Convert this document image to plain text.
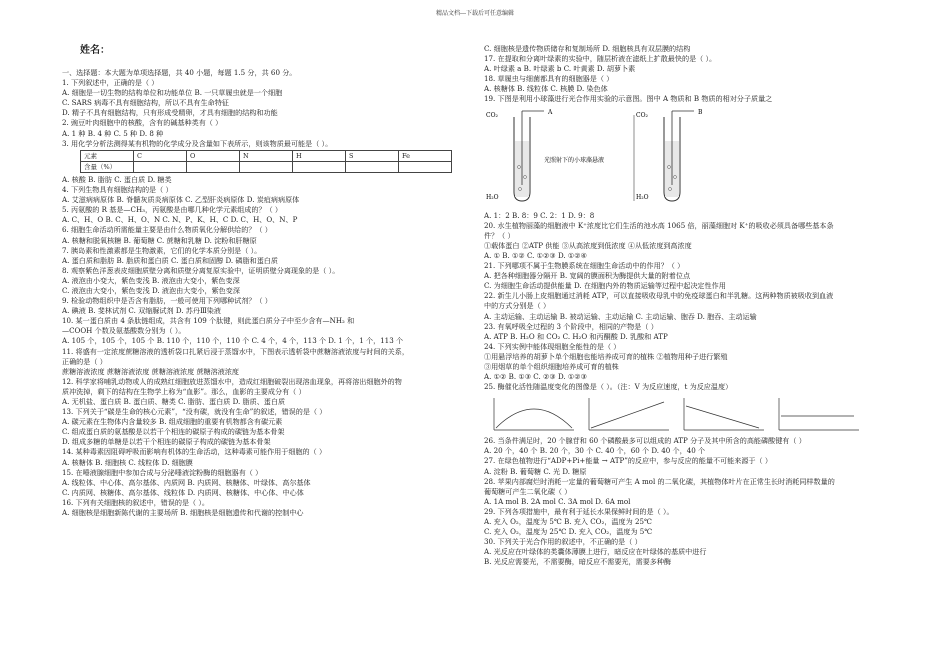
精品文档---下载后可任意编辑
姓名：
一、选择题：本大题为单项选择题，共 40 小题，每题 1.5 分，共 60 分。
1. 下列叙述中，正确的是（ ）
A. 细胞是一切生物的结构单位和功能单位 B. 一只草履虫就是一个细胞
C. SARS 病毒不具有细胞结构，所以不具有生命特征
D. 精子不具有细胞结构，只有形成受精卵，才具有细胞的结构和功能
2. 豌豆叶肉细胞中的核酸，含有的碱基种类有（ ）
A. 1 种 B. 4 种 C. 5 种 D. 8 种
3. 用化学分析法测得某有机物的化学成分及含量如下表所示，则该物质最可能是（ ）。
元素	C	O	N	H	S	Fe
含量（%）						
A. 核酸 B. 脂肪 C. 蛋白质 D. 糖类
4. 下列生物具有细胞结构的是（ ）
A. 艾滋病病原体 B. 脊髓灰质炎病原体 C. 乙型肝炎病原体 D. 炭疽病病原体
5. 丙氨酸的 R 基是—CH₃，丙氨酸是由哪几种化学元素组成的？（ ）
A. C、H、O B. C、H、O、N C. N、P、K、H、C D. C、H、O、N、P
6. 细胞生命活动所需能量主要是由什么物质氧化分解供给的？（ ）
A. 核糖和脱氧核糖 B. 葡萄糖 C. 蔗糖和乳糖 D. 淀粉和肝糖原
7. 胰岛素和性激素都是生物激素，它们的化学本质分别是（ ）。
A. 蛋白质和脂肪 B. 脂质和蛋白质 C. 蛋白质和固醇 D. 磷脂和蛋白质
8. 观察紫色洋葱表皮细胞质壁分离和质壁分离复原实验中，证明质壁分离现象的是（ ）。
A. 液泡由小变大，紫色变浅 B. 液泡由大变小，紫色变深
C. 液泡由大变小，紫色变浅 D. 液泡由大变小，紫色变深
9. 检验动物组织中是否含有脂肪，一般可使用下列哪种试剂？（ ）
A. 碘液 B. 斐林试剂 C. 双缩脲试剂 D. 苏丹Ⅲ染液
10. 某一蛋白质由 4 条肽链组成，共含有 109 个肽键，则此蛋白质分子中至少含有—NH₂ 和
—COOH 个数及氨基酸数分别为（ ）。
A. 105 个，105 个，105 个 B. 110 个，110 个，110 个 C. 4 个，4 个，113 个 D. 1 个，1 个，113 个
11. 将盛有一定浓度蔗糖溶液的透析袋口扎紧后浸于蒸馏水中，下图表示透析袋中蔗糖溶液浓度与时间的关系，
正确的是（ ）
蔗糖溶液浓度 蔗糖溶液浓度 蔗糖溶液浓度 蔗糖溶液浓度
12. 科学家将哺乳动物或人的成熟红细胞放进蒸馏水中，造成红细胞破裂出现溶血现象，再将溶出细胞外的物
质冲洗掉，剩下的结构在生物学上称为“血影”。那么，血影的主要成分有（ ）
A. 无机盐、蛋白质 B. 蛋白质、糖类 C. 脂肪、蛋白质 D. 脂质、蛋白质
13. 下列关于“碳是生命的核心元素”，“没有碳，就没有生命”的叙述，错误的是（ ）
A. 碳元素在生物体内含量较多 B. 组成细胞的重要有机物都含有碳元素
C. 组成蛋白质的氨基酸是以若干个相连的碳原子构成的碳链为基本骨架
D. 组成多糖的单糖是以若干个相连的碳原子构成的碳链为基本骨架
14. 某种毒素因阻碍呼吸而影响有机体的生命活动，这种毒素可能作用于细胞的（ ）
A. 核糖体 B. 细胞核 C. 线粒体 D. 细胞膜
15. 在唾液腺细胞中参加合成与分泌唾液淀粉酶的细胞器有（ ）
A. 线粒体、中心体、高尔基体、内质网 B. 内质网、核糖体、叶绿体、高尔基体
C. 内质网、核糖体、高尔基体、线粒体 D. 内质网、核糖体、中心体、中心体
16. 下列有关细胞核的叙述中，错误的是（ ）。
A. 细胞核是细胞新陈代谢的主要场所 B. 细胞核是细胞遗传和代谢的控制中心
C. 细胞核是遗传物质储存和复制场所 D. 细胞核具有双层膜的结构
17. 在提取和分离叶绿素的实验中，随层析液在滤纸上扩散最快的是（ ）。
A. 叶绿素 a B. 叶绿素 b C. 叶黄素 D. 胡萝卜素
18. 草履虫与细菌都具有的细胞器是（ ）
A. 核糖体 B. 线粒体 C. 核膜 D. 染色体
19. 下图是利用小球藻进行光合作用实验的示意图。图中 A 物质和 B 物质的相对分子质量之
CO₂	A
H₂O
CO₂	B
H₂O
光照射下的小球藻悬液
A. 1：2 B. 8：9 C. 2：1 D. 9：8
20. 水生植物丽藻的细胞液中 K⁺浓度比它们生活的池水高 1065 倍，丽藻细胞对 K⁺的吸收必须具备哪些基本条
件？（ ）
①载体蛋白 ②ATP 供能 ③从高浓度到低浓度 ④从低浓度到高浓度
A. ① B. ①② C. ①②③ D. ①②④
21. 下列哪项不属于生物膜系统在细胞生命活动中的作用？（ ）
A. 把各种细胞器分隔开 B. 宽阔的膜面积为酶提供大量的附着位点
C. 为细胞生命活动提供能量 D. 在细胞内外的物质运输等过程中起决定性作用
22. 新生儿小肠上皮细胞通过消耗 ATP，可以直接吸收母乳中的免疫球蛋白和半乳糖。这两种物质被吸收到血液
中的方式分别是（ ）
A. 主动运输、主动运输 B. 被动运输、主动运输 C. 主动运输、胞吞 D. 胞吞、主动运输
23. 有氧呼吸全过程的 3 个阶段中，相同的产物是（ ）
A. ATP B. H₂O 和 CO₂ C. H₂O 和丙酮酸 D. 乳酸和 ATP
24. 下列实例中能体现细胞全能性的是（ ）
①用悬浮培养的胡萝卜单个细胞也能培养成可育的植株 ②植物用种子进行繁殖
③用烟草的单个组织细胞培养成可育的植株
A. ①② B. ①③ C. ②③ D. ①②③
25. 酶催化活性随温度变化的图像是（ ）。（注：V 为反应速度，t 为反应温度）
26. 当条件满足时，20 个腺苷和 60 个磷酸最多可以组成的 ATP 分子及其中所含的高能磷酸键有（ ）
A. 20 个，40 个 B. 20 个，30 个 C. 40 个，60 个 D. 40 个，40 个
27. 在绿色植物进行“ADP+Pi+能量 → ATP”的反应中，参与反应的能量不可能来源于（ ）
A. 淀粉 B. 葡萄糖 C. 光 D. 糖原
28. 苹果内部腐烂时消耗一定量的葡萄糖可产生 A mol 的二氧化碳，其植物体叶片在正常生长时消耗同样数量的
葡萄糖可产生二氧化碳（ ）
A. 1A mol B. 2A mol C. 3A mol D. 6A mol
29. 下列各项措施中，最有利于延长水果保鲜时间的是（ ）。
A. 充入 O₂，温度为 5℃ B. 充入 CO₂，温度为 25℃
C. 充入 O₂，温度为 25℃ D. 充入 CO₂，温度为 5℃
30. 下列关于光合作用的叙述中，不正确的是（ ）
A. 光反应在叶绿体的类囊体薄膜上进行，暗反应在叶绿体的基质中进行
B. 光反应需要光，不需要酶，暗反应不需要光，需要多种酶
